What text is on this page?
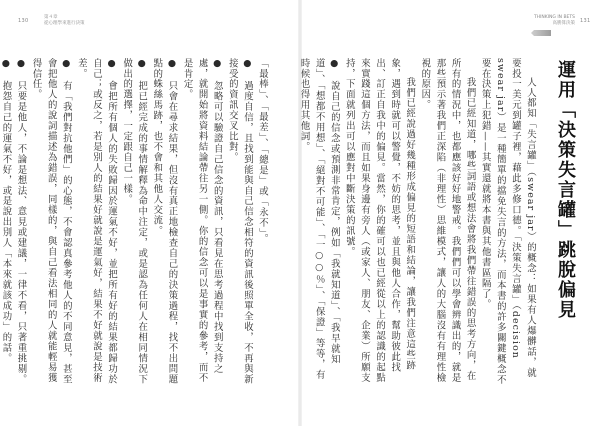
130
第４章
從心理學來進行決策

「最棒」、「最差」、「總是」或「永不」。

●　過度自信，且找到能與自己信念相符的資訊後照單全收，不再與新接受的資訊交叉比對。

●　忽略可以驗證自己信念的資訊，只看見在思考過程中找到支持之處，就開始將資料結論帶往另一側。你的信念可以是事實的參考，而不是肯定。

●　只會在尋求結果，但沒有真正地檢查自己的決策過程，找不出問題點的蛛絲馬跡，也不會和其他人交流。

●　把已經完成的事情解釋為命中注定，或是認為任何人在相同情況下做出的選擇，一定跟自己一樣。

●　會把所有個人的失敗歸因於運氣不好，並把所有好的結果都歸功於自己；或反之，若是別人的結果好就說是運氣好，結果不好就說是技術差。

●　有「我們對抗他們」的心態，不會認真參考他人的不同意見，甚至會把他人的說詞描述為錯誤，同樣的，與自己看法相同的人就能輕易獲得信任。

●　只要是他人，不論是想法、意見或建議，一律不看，只著重挑剔。

●　抱怨自己的運氣不好，或是說出別人「本來就該成功」的話。

THINKING IN BETS
高勝算決策 131
運用「決策失言罐」跳脫偏見

人人都知「失言罐」（swear jar）的概念：如果有人爆髒話，就要投一美元到罐子裡，藉此多修口德。「決策失言罐」（decision swear jar）是一種簡單的擋免失言的方法，而本書的許多關鍵概念不要在決策上犯錯——其實還就將本書與其他書區隔了。

我們已經知道，哪些詞語或想法會將我們帶往錯誤的思考方向，在所有的情況中，也都應該好好地警戒。我們們可以學會辨識出的，就是那些預示著我們正深陷（非理性）思維模式，讓人的大腦沒有有理性檢視的原因。

我們已經說過好幾種形成偏見的短語和結論，讓我們注意這些跡象，遇到時就可以警覺，不妨的思考，並且與他人合作，幫助彼此找出、訂正自我中的偏見。當然，你的確可以也已經從以上的認識的起點來實踐這個方法，而且如果身邊有旁人（或家人、朋友、企業）所願支持，下面就列出可以應對中斷決策的訊號。

●　說自己的信念或預測非常肯定，例如「我就知道」、「我早就知道」、「想都不用想」、「絕對不可能」、「一○○％」、「保證」等等，有時候也得用其他詞。
